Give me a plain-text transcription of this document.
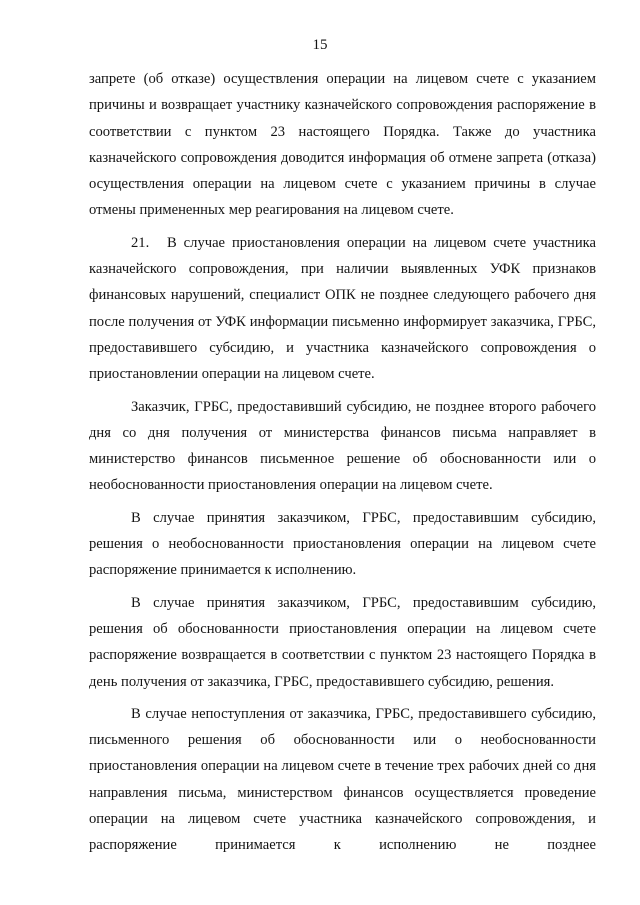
15

запрете (об отказе) осуществления операции на лицевом счете с указанием причины и возвращает участнику казначейского сопровождения распоряжение в соответствии с пунктом 23 настоящего Порядка. Также до участника казначейского сопровождения доводится информация об отмене запрета (отказа) осуществления операции на лицевом счете с указанием причины в случае отмены примененных мер реагирования на лицевом счете.

21. В случае приостановления операции на лицевом счете участника казначейского сопровождения, при наличии выявленных УФК признаков финансовых нарушений, специалист ОПК не позднее следующего рабочего дня после получения от УФК информации письменно информирует заказчика, ГРБС, предоставившего субсидию, и участника казначейского сопровождения о приостановлении операции на лицевом счете.

Заказчик, ГРБС, предоставивший субсидию, не позднее второго рабочего дня со дня получения от министерства финансов письма направляет в министерство финансов письменное решение об обоснованности или о необоснованности приостановления операции на лицевом счете.

В случае принятия заказчиком, ГРБС, предоставившим субсидию, решения о необоснованности приостановления операции на лицевом счете распоряжение принимается к исполнению.

В случае принятия заказчиком, ГРБС, предоставившим субсидию, решения об обоснованности приостановления операции на лицевом счете распоряжение возвращается в соответствии с пунктом 23 настоящего Порядка в день получения от заказчика, ГРБС, предоставившего субсидию, решения.

В случае непоступления от заказчика, ГРБС, предоставившего субсидию, письменного решения об обоснованности или о необоснованности приостановления операции на лицевом счете в течение трех рабочих дней со дня направления письма, министерством финансов осуществляется проведение операции на лицевом счете участника казначейского сопровождения, и распоряжение принимается к исполнению не позднее
